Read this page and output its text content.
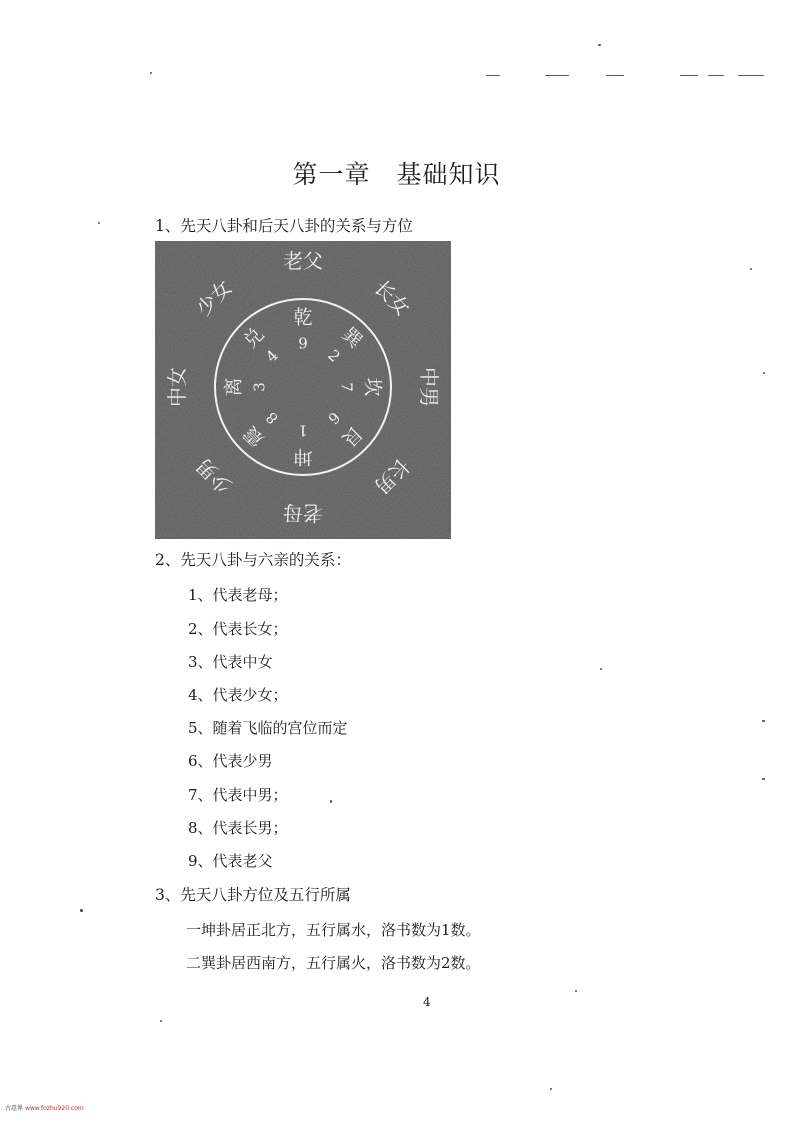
第一章 基础知识
1、先天八卦和后天八卦的关系与方位
老父
长女
中男
长男
老母
少男
中女
少女	乾
巽
坎
艮
坤
震
离
兑 9
2
7
6
1
8
3
4
2、先天八卦与六亲的关系：
1、代表老母；
2、代表长女；
3、代表中女
4、代表少女；
5、随着飞临的宫位而定
6、代表少男
7、代表中男；
8、代表长男；
9、代表老父
3、先天八卦方位及五行所属
一坤卦居正北方，五行属水，洛书数为1数。
二巽卦居西南方，五行属火，洛书数为2数。
4
古意界 www.fozhu920.com
